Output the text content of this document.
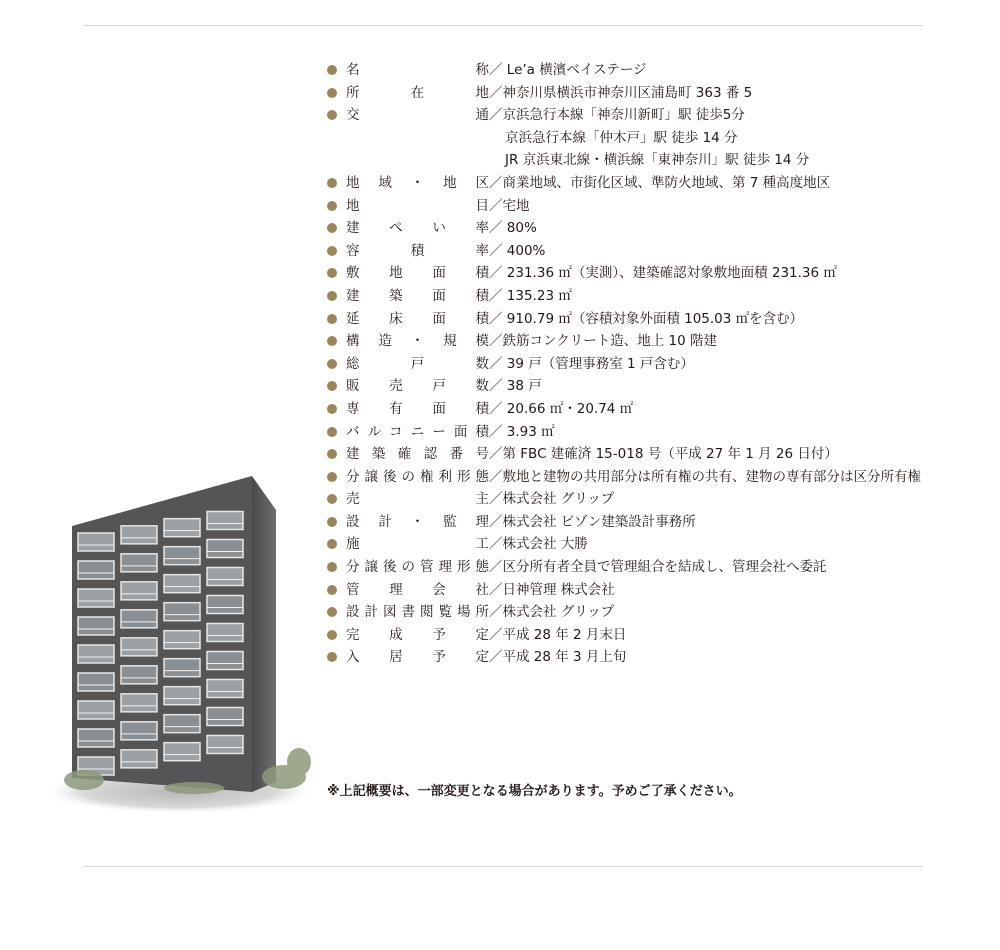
名	称 ／ Le’a 横濱ベイステージ
所	在	地 ／神奈川県横浜市神奈川区浦島町 363 番 5
交	通 ／京浜急行本線「神奈川新町」駅 徒歩5分
京浜急行本線「仲木戸」駅 徒歩 14 分
JR 京浜東北線・横浜線「東神奈川」駅 徒歩 14 分
地 域 ・ 地 区 ／商業地域、市街化区域、準防火地域、第 7 種高度地区
地	目 ／宅地
建 ぺ い 率 ／ 80%
容	積	率 ／ 400%
敷 地 面 積 ／ 231.36 ㎡（実測）、建築確認対象敷地面積 231.36 ㎡
建 築 面 積 ／ 135.23 ㎡
延 床 面 積 ／ 910.79 ㎡（容積対象外面積 105.03 ㎡を含む）
構 造 ・ 規 模 ／鉄筋コンクリート造、地上 10 階建
総	戸	数 ／ 39 戸（管理事務室 1 戸含む）
販 売 戸 数 ／ 38 戸
専 有 面 積 ／ 20.66 ㎡・20.74 ㎡
バ ル コ ニ ー 面 積 ／ 3.93 ㎡
建 築 確 認 番 号 ／第 FBC 建確済 15-018 号（平成 27 年 1 月 26 日付）
分 譲 後 の 権 利 形 態 ／敷地と建物の共用部分は所有権の共有、建物の専有部分は区分所有権
売	主 ／株式会社 グリップ
設 計 ・ 監 理 ／株式会社 ビゾン建築設計事務所
施	工 ／株式会社 大勝
分 譲 後 の 管 理 形 態 ／区分所有者全員で管理組合を結成し、管理会社へ委託
管 理 会 社 ／日神管理 株式会社
設 計 図 書 閲 覧 場 所 ／株式会社 グリップ
完 成 予 定 ／平成 28 年 2 月末日
入 居 予 定 ／平成 28 年 3 月上旬
※上記概要は、一部変更となる場合があります。予めご了承ください。
